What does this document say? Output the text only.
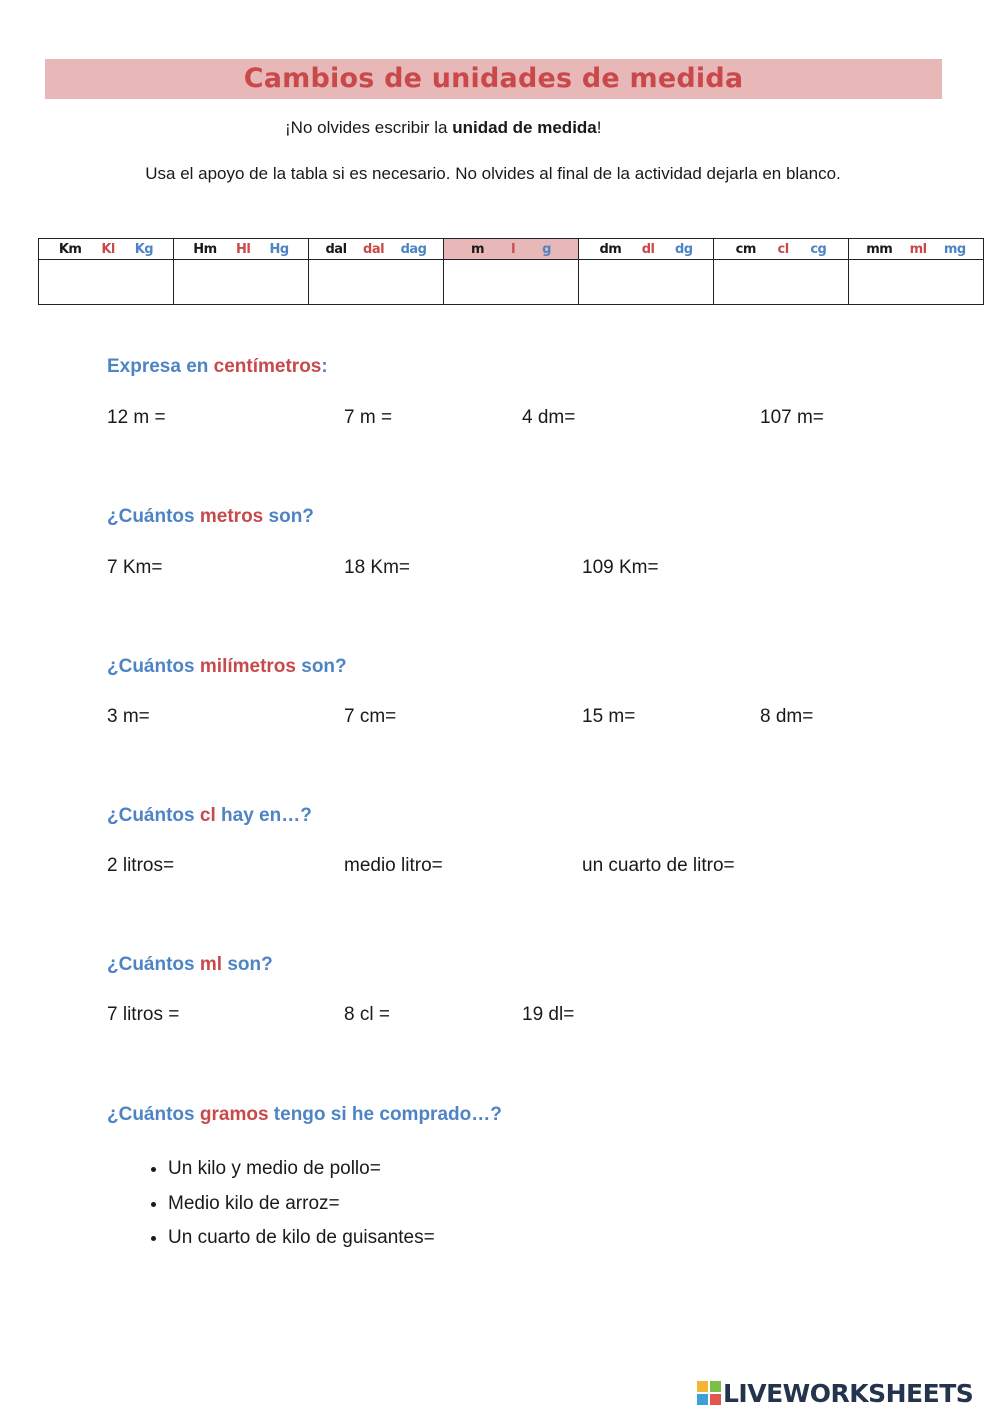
Cambios de unidades de medida
¡No olvides escribir la unidad de medida!
Usa el apoyo de la tabla si es necesario. No olvides al final de la actividad dejarla en blanco.
Km Kl Kg	Hm Hl Hg	dal dal dag	m l g	dm dl dg	cm cl cg	mm ml mg

Expresa en centímetros:
12 m =	7 m =	4 dm=	107 m=
¿Cuántos metros son?
7 Km=	18 Km=	109 Km=
¿Cuántos milímetros son?
3 m=	7 cm=	15 m=	8 dm=
¿Cuántos cl hay en…?
2 litros=	medio litro=	un cuarto de litro=
¿Cuántos ml son?
7 litros =	8 cl =	19 dl=
¿Cuántos gramos tengo si he comprado…?
• Un kilo y medio de pollo=
• Medio kilo de arroz=
• Un cuarto de kilo de guisantes=
LIVEWORKSHEETS
